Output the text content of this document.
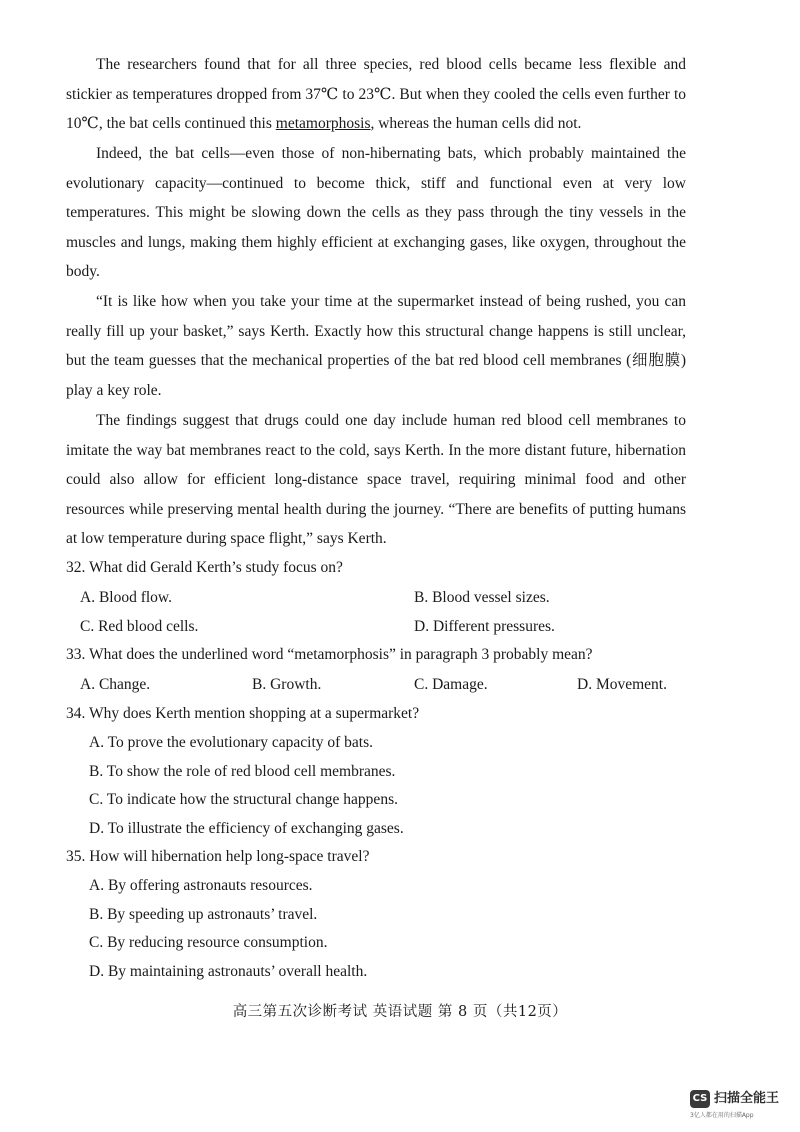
The researchers found that for all three species, red blood cells became less flexible and stickier as temperatures dropped from 37℃ to 23℃. But when they cooled the cells even further to 10℃, the bat cells continued this metamorphosis, whereas the human cells did not.

Indeed, the bat cells—even those of non-hibernating bats, which probably maintained the evolutionary capacity—continued to become thick, stiff and functional even at very low temperatures. This might be slowing down the cells as they pass through the tiny vessels in the muscles and lungs, making them highly efficient at exchanging gases, like oxygen, throughout the body.

“It is like how when you take your time at the supermarket instead of being rushed, you can really fill up your basket,” says Kerth. Exactly how this structural change happens is still unclear, but the team guesses that the mechanical properties of the bat red blood cell membranes (细胞膜) play a key role.

The findings suggest that drugs could one day include human red blood cell membranes to imitate the way bat membranes react to the cold, says Kerth. In the more distant future, hibernation could also allow for efficient long-distance space travel, requiring minimal food and other resources while preserving mental health during the journey. “There are benefits of putting humans at low temperature during space flight,” says Kerth.

32. What did Gerald Kerth’s study focus on?

A. Blood flow.	B. Blood vessel sizes.

C. Red blood cells.	D. Different pressures.

33. What does the underlined word “metamorphosis” in paragraph 3 probably mean?

A. Change.	B. Growth.	C. Damage.	D. Movement.

34. Why does Kerth mention shopping at a supermarket?

A. To prove the evolutionary capacity of bats.

B. To show the role of red blood cell membranes.

C. To indicate how the structural change happens.

D. To illustrate the efficiency of exchanging gases.

35. How will hibernation help long-space travel?

A. By offering astronauts resources.

B. By speeding up astronauts’ travel.

C. By reducing resource consumption.

D. By maintaining astronauts’ overall health.

高三第五次诊断考试 英语试题 第 8 页（共12页）
CS 扫描全能王
3亿人都在用的扫描App
